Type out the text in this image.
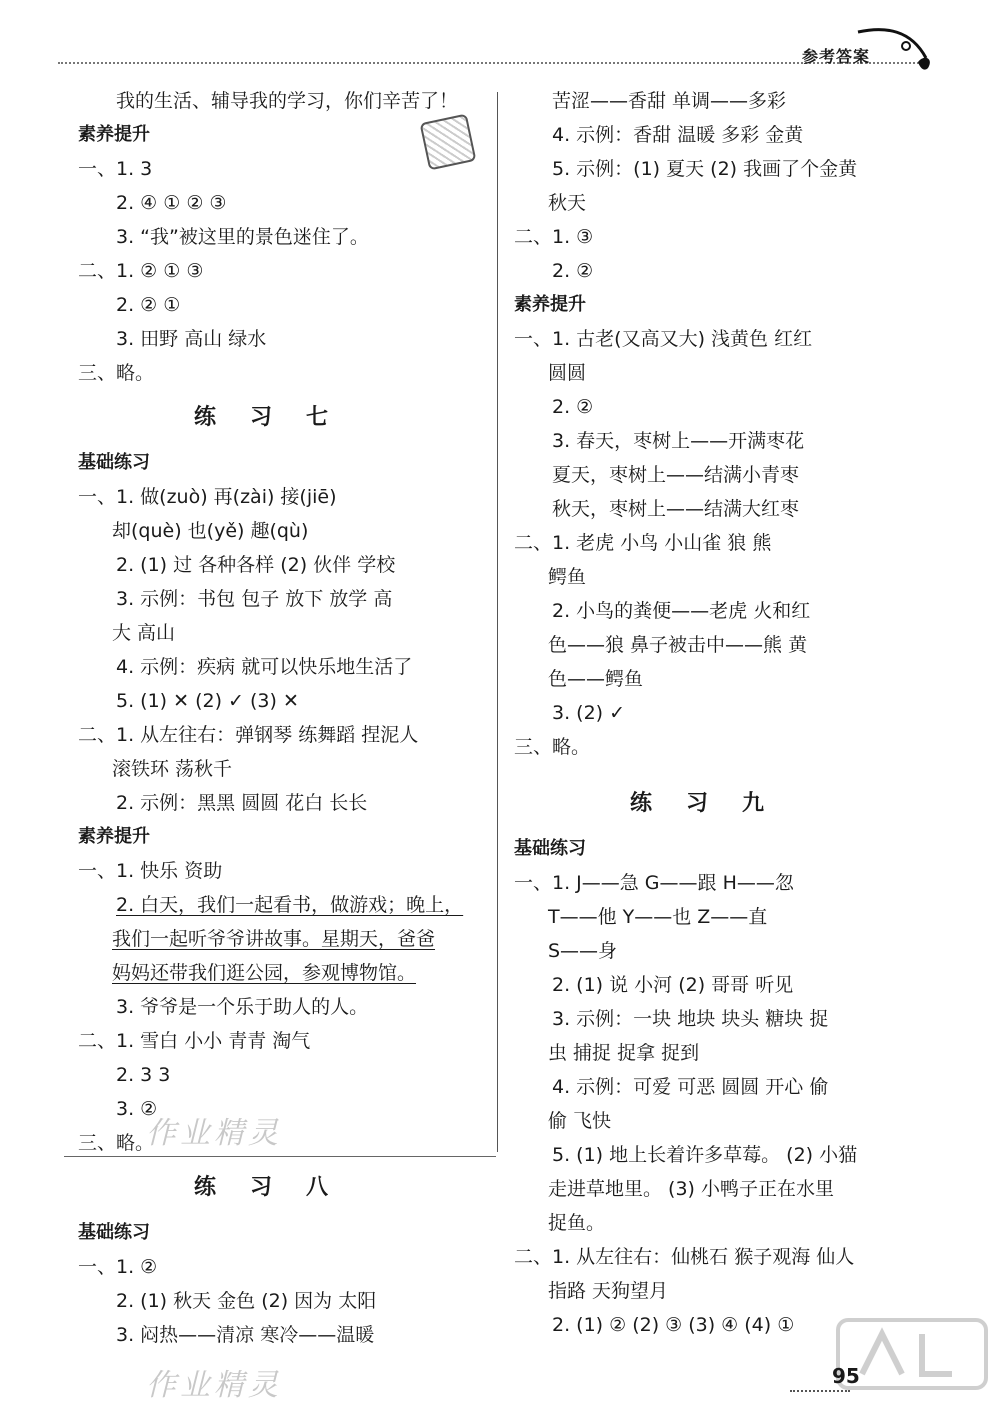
参考答案
我的生活、辅导我的学习，你们辛苦了！
素养提升
一、1. 3
2. ④ ① ② ③
3. “我”被这里的景色迷住了。
二、1. ② ① ③
2. ② ①
3. 田野 高山 绿水
三、略。
练习七
基础练习
一、1. 做(zuò) 再(zài) 接(jiē)
却(què) 也(yě) 趣(qù)
2. (1) 过 各种各样 (2) 伙伴 学校
3. 示例：书包 包子 放下 放学 高
大 高山
4. 示例：疾病 就可以快乐地生活了
5. (1) ✕ (2) ✓ (3) ✕
二、1. 从左往右：弹钢琴 练舞蹈 捏泥人
滚铁环 荡秋千
2. 示例：黑黑 圆圆 花白 长长
素养提升
一、1. 快乐 资助
2. 白天，我们一起看书，做游戏；晚上，
我们一起听爷爷讲故事。星期天，爸爸
妈妈还带我们逛公园，参观博物馆。
3. 爷爷是一个乐于助人的人。
二、1. 雪白 小小 青青 淘气
2. 3 3
3. ②
三、略。
练习八
基础练习
一、1. ②
2. (1) 秋天 金色 (2) 因为 太阳
3. 闷热——清凉 寒冷——温暖
苦涩——香甜 单调——多彩
4. 示例：香甜 温暖 多彩 金黄
5. 示例：(1) 夏天 (2) 我画了个金黄
秋天
二、1. ③
2. ②
素养提升
一、1. 古老(又高又大) 浅黄色 红红
圆圆
2. ②
3. 春天，枣树上——开满枣花
夏天，枣树上——结满小青枣
秋天，枣树上——结满大红枣
二、1. 老虎 小鸟 小山雀 狼 熊
鳄鱼
2. 小鸟的粪便——老虎 火和红
色——狼 鼻子被击中——熊 黄
色——鳄鱼
3. (2) ✓
三、略。
练习九
基础练习
一、1. J——急 G——跟 H——忽
T——他 Y——也 Z——直
S——身
2. (1) 说 小河 (2) 哥哥 听见
3. 示例：一块 地块 块头 糖块 捉
虫 捕捉 捉拿 捉到
4. 示例：可爱 可恶 圆圆 开心 偷
偷 飞快
5. (1) 地上长着许多草莓。 (2) 小猫
走进草地里。 (3) 小鸭子正在水里
捉鱼。
二、1. 从左往右：仙桃石 猴子观海 仙人
指路 天狗望月
2. (1) ② (2) ③ (3) ④ (4) ①
作业精灵
作业精灵	95
